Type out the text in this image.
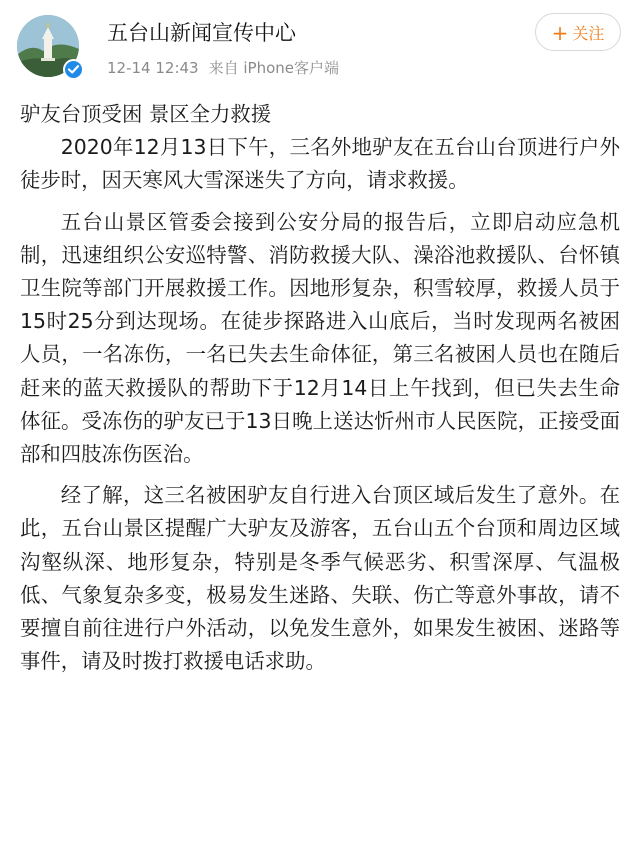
五台山新闻宣传中心
12-14 12:43 来自 iPhone客户端
+ 关注

驴友台顶受困 景区全力救援

2020年12月13日下午，三名外地驴友在五台山台顶进行户外徒步时，因天寒风大雪深迷失了方向，请求救援。

五台山景区管委会接到公安分局的报告后，立即启动应急机制，迅速组织公安巡特警、消防救援大队、澡浴池救援队、台怀镇卫生院等部门开展救援工作。因地形复杂，积雪较厚，救援人员于15时25分到达现场。在徒步探路进入山底后，当时发现两名被困人员，一名冻伤，一名已失去生命体征，第三名被困人员也在随后赶来的蓝天救援队的帮助下于12月14日上午找到，但已失去生命体征。受冻伤的驴友已于13日晚上送达忻州市人民医院，正接受面部和四肢冻伤医治。

经了解，这三名被困驴友自行进入台顶区域后发生了意外。在此，五台山景区提醒广大驴友及游客，五台山五个台顶和周边区域沟壑纵深、地形复杂，特别是冬季气候恶劣、积雪深厚、气温极低、气象复杂多变，极易发生迷路、失联、伤亡等意外事故，请不要擅自前往进行户外活动，以免发生意外，如果发生被困、迷路等事件，请及时拨打救援电话求助。
